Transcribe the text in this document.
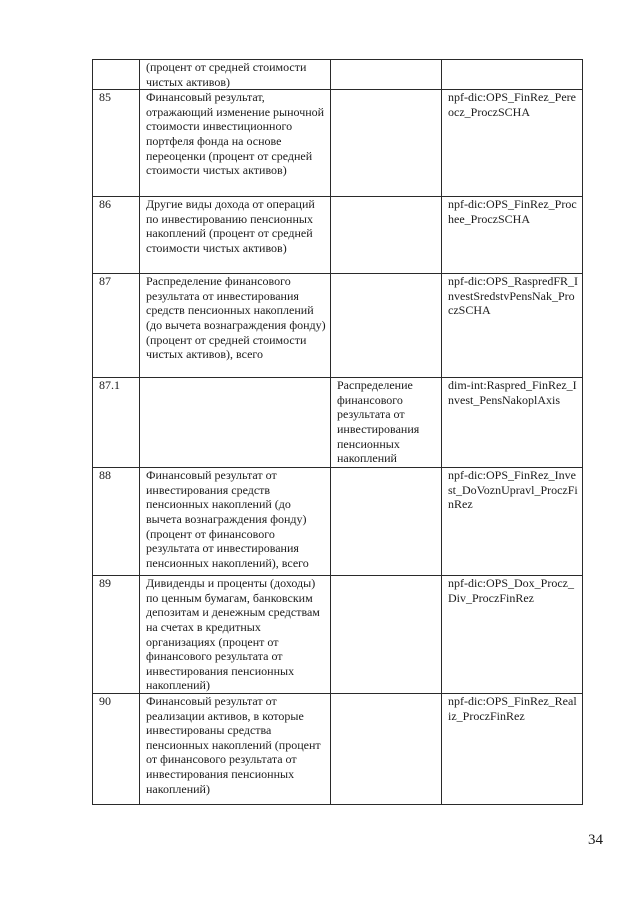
	(процент от средней стоимости чистых активов)		
85	Финансовый результат, отражающий изменение рыночной стоимости инвестиционного портфеля фонда на основе переоценки (процент от средней стоимости чистых активов)		npf-dic:OPS_FinRez_Pereocz_ProczSCHA
86	Другие виды дохода от операций по инвестированию пенсионных накоплений (процент от средней стоимости чистых активов)		npf-dic:OPS_FinRez_Prochee_ProczSCHA
87	Распределение финансового результата от инвестирования средств пенсионных накоплений (до вычета вознаграждения фонду) (процент от средней стоимости чистых активов), всего		npf-dic:OPS_RaspredFR_InvestSredstvPensNak_ProczSCHA
87.1		Распределение финансового результата от инвестирования пенсионных накоплений	dim-int:Raspred_FinRez_Invest_PensNakoplAxis
88	Финансовый результат от инвестирования средств пенсионных накоплений (до вычета вознаграждения фонду) (процент от финансового результата от инвестирования пенсионных накоплений), всего		npf-dic:OPS_FinRez_Invest_DoVoznUpravl_ProczFinRez
89	Дивиденды и проценты (доходы) по ценным бумагам, банковским депозитам и денежным средствам на счетах в кредитных организациях (процент от финансового результата от инвестирования пенсионных накоплений)		npf-dic:OPS_Dox_Procz_Div_ProczFinRez
90	Финансовый результат от реализации активов, в которые инвестированы средства пенсионных накоплений (процент от финансового результата от инвестирования пенсионных накоплений)		npf-dic:OPS_FinRez_Realiz_ProczFinRez
34
